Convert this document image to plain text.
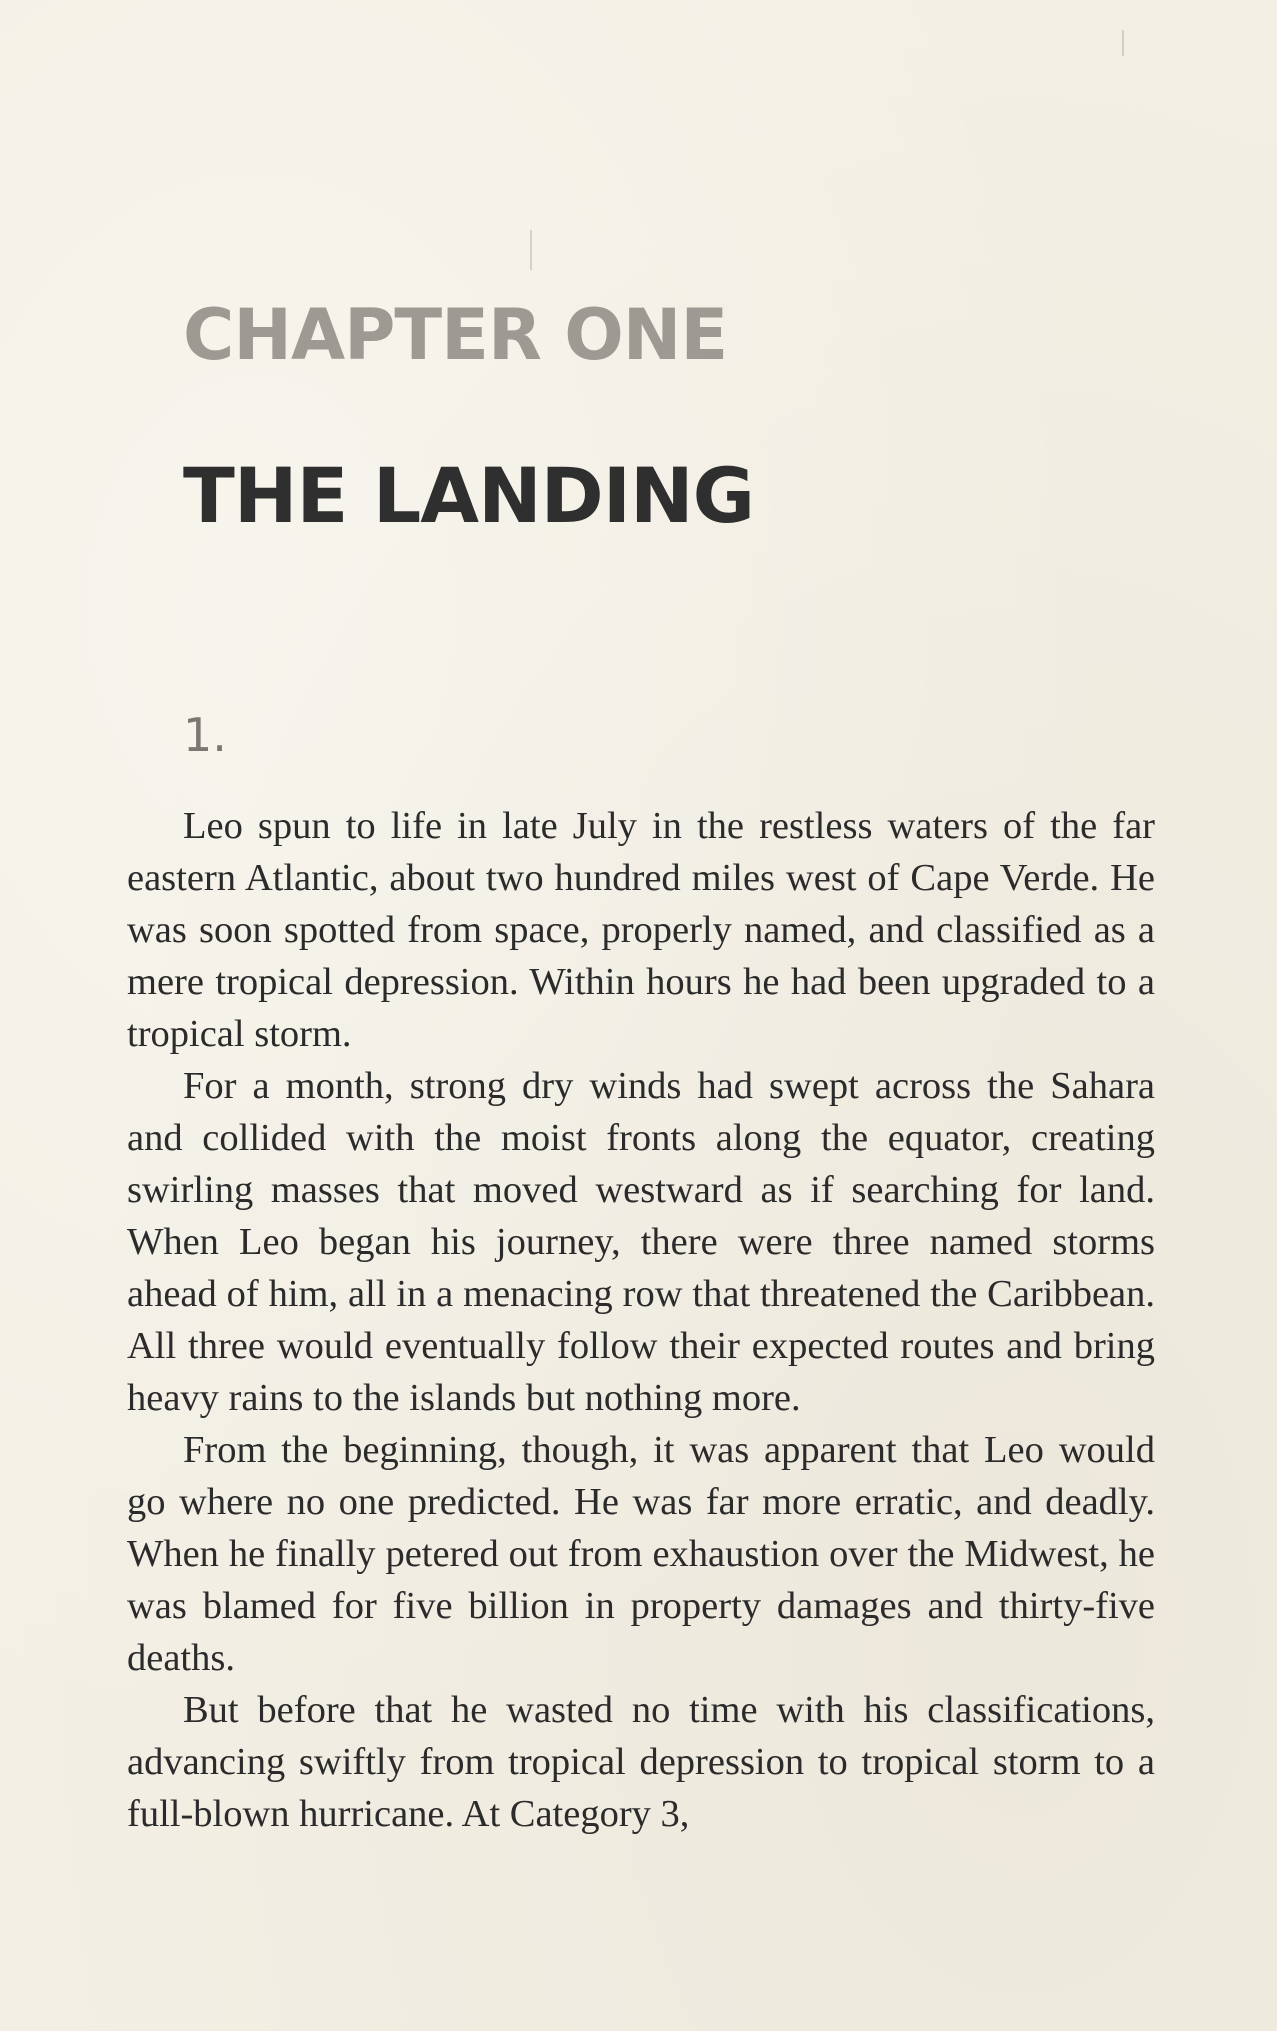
CHAPTER ONE
THE LANDING
1.

Leo spun to life in late July in the restless waters of the far eastern Atlantic, about two hundred miles west of Cape Verde. He was soon spotted from space, properly named, and classified as a mere tropical depression. Within hours he had been upgraded to a tropical storm.

For a month, strong dry winds had swept across the Sahara and collided with the moist fronts along the equator, creating swirling masses that moved westward as if searching for land. When Leo began his journey, there were three named storms ahead of him, all in a menacing row that threatened the Caribbean. All three would eventually follow their expected routes and bring heavy rains to the islands but nothing more.

From the beginning, though, it was apparent that Leo would go where no one predicted. He was far more erratic, and deadly. When he finally petered out from exhaustion over the Midwest, he was blamed for five billion in property damages and thirty-five deaths.

But before that he wasted no time with his classifications, advancing swiftly from tropical depression to tropical storm to a full-blown hurricane. At Category 3,
